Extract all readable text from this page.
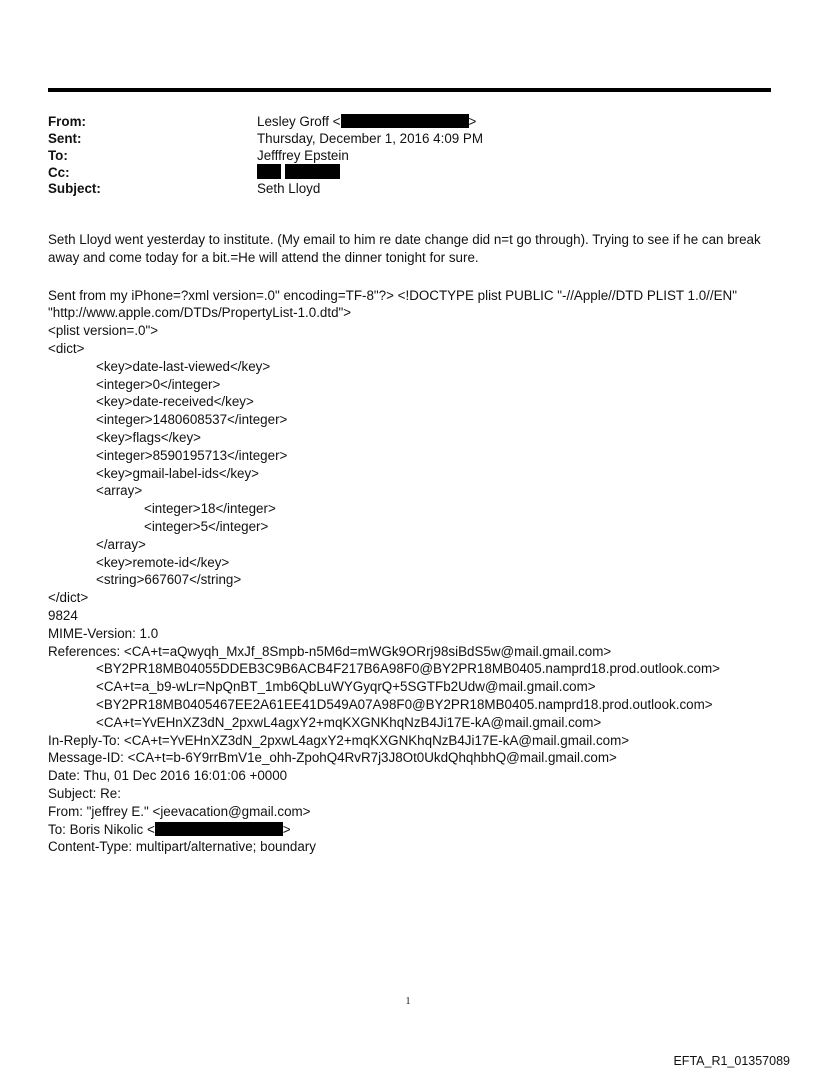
From:	Lesley Groff <	>
Sent:	Thursday, December 1, 2016 4:09 PM
To:	Jefffrey Epstein
Cc:
Subject:	Seth Lloyd

Seth Lloyd went yesterday to institute. (My email to him re date change did n=t go through). Trying to see if he can break away and come today for a bit.=He will attend the dinner tonight for sure.

Sent from my iPhone=?xml version=.0" encoding=TF-8"?> <!DOCTYPE plist PUBLIC "-//Apple//DTD PLIST 1.0//EN"
"http://www.apple.com/DTDs/PropertyList-1.0.dtd">
<plist version=.0">
<dict>
<key>date-last-viewed</key>
<integer>0</integer>
<key>date-received</key>
<integer>1480608537</integer>
<key>flags</key>
<integer>8590195713</integer>
<key>gmail-label-ids</key>
<array>
<integer>18</integer>
<integer>5</integer>
</array>
<key>remote-id</key>
<string>667607</string>
</dict>
9824
MIME-Version: 1.0
References: <CA+t=aQwyqh_MxJf_8Smpb-n5M6d=mWGk9ORrj98siBdS5w@mail.gmail.com>
<BY2PR18MB04055DDEB3C9B6ACB4F217B6A98F0@BY2PR18MB0405.namprd18.prod.outlook.com>
<CA+t=a_b9-wLr=NpQnBT_1mb6QbLuWYGyqrQ+5SGTFb2Udw@mail.gmail.com>
<BY2PR18MB0405467EE2A61EE41D549A07A98F0@BY2PR18MB0405.namprd18.prod.outlook.com>
<CA+t=YvEHnXZ3dN_2pxwL4agxY2+mqKXGNKhqNzB4Ji17E-kA@mail.gmail.com>
In-Reply-To: <CA+t=YvEHnXZ3dN_2pxwL4agxY2+mqKXGNKhqNzB4Ji17E-kA@mail.gmail.com>
Message-ID: <CA+t=b-6Y9rrBmV1e_ohh-ZpohQ4RvR7j3J8Ot0UkdQhqhbhQ@mail.gmail.com>
Date: Thu, 01 Dec 2016 16:01:06 +0000
Subject: Re:
From: "jeffrey E." <jeevacation@gmail.com>
To: Boris Nikolic <	>
Content-Type: multipart/alternative; boundary
1
EFTA_R1_01357089
